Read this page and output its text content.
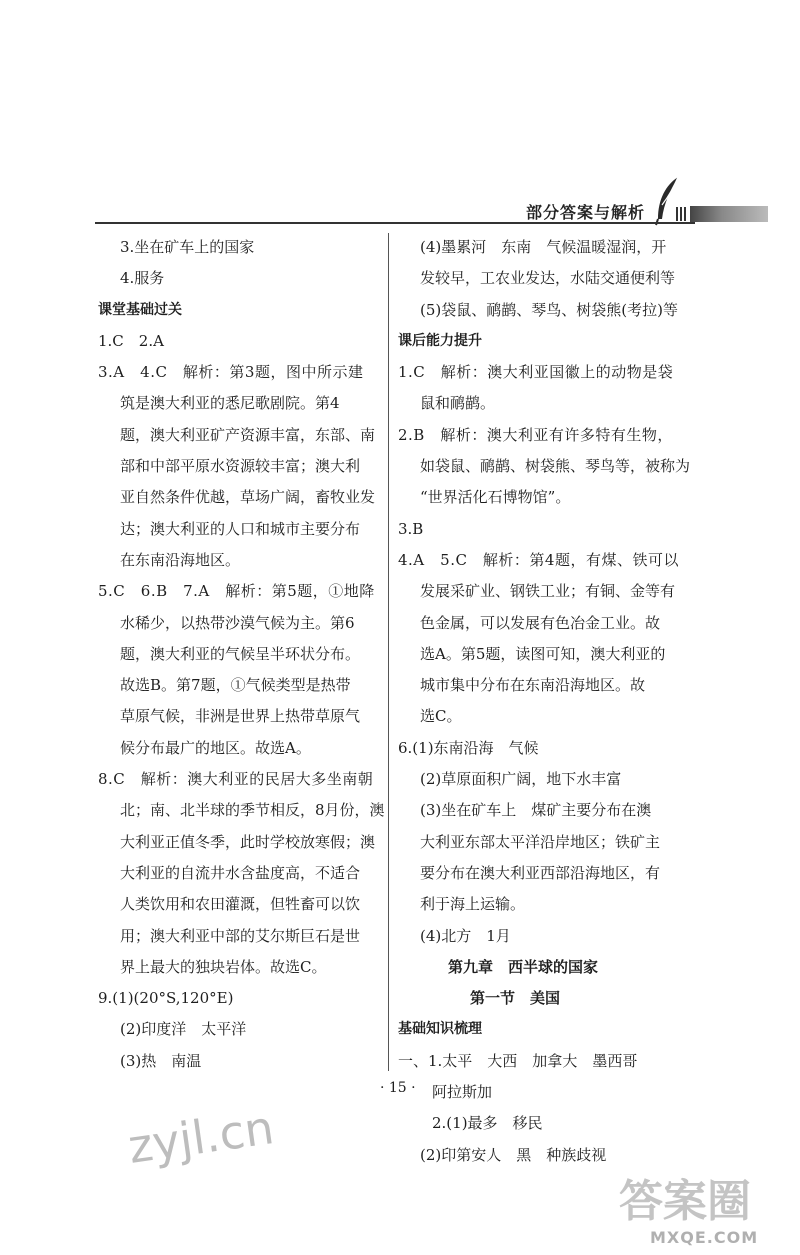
部分答案与解析
3.坐在矿车上的国家
4.服务
课堂基础过关
1.C　2.A
3.A　4.C　解析：第3题，图中所示建
筑是澳大利亚的悉尼歌剧院。第4
题，澳大利亚矿产资源丰富，东部、南
部和中部平原水资源较丰富；澳大利
亚自然条件优越，草场广阔，畜牧业发
达；澳大利亚的人口和城市主要分布
在东南沿海地区。
5.C　6.B　7.A　解析：第5题，①地降
水稀少，以热带沙漠气候为主。第6
题，澳大利亚的气候呈半环状分布。
故选B。第7题，①气候类型是热带
草原气候，非洲是世界上热带草原气
候分布最广的地区。故选A。
8.C　解析：澳大利亚的民居大多坐南朝
北；南、北半球的季节相反，8月份，澳
大利亚正值冬季，此时学校放寒假；澳
大利亚的自流井水含盐度高，不适合
人类饮用和农田灌溉，但牲畜可以饮
用；澳大利亚中部的艾尔斯巨石是世
界上最大的独块岩体。故选C。
9.(1)(20°S,120°E)
(2)印度洋　太平洋
(3)热　南温
(4)墨累河　东南　气候温暖湿润，开
发较早，工农业发达，水陆交通便利等
(5)袋鼠、鸸鹋、琴鸟、树袋熊(考拉)等
课后能力提升
1.C　解析：澳大利亚国徽上的动物是袋
鼠和鸸鹋。
2.B　解析：澳大利亚有许多特有生物，
如袋鼠、鸸鹋、树袋熊、琴鸟等，被称为
“世界活化石博物馆”。
3.B
4.A　5.C　解析：第4题，有煤、铁可以
发展采矿业、钢铁工业；有铜、金等有
色金属，可以发展有色冶金工业。故
选A。第5题，读图可知，澳大利亚的
城市集中分布在东南沿海地区。故
选C。
6.(1)东南沿海　气候
(2)草原面积广阔，地下水丰富
(3)坐在矿车上　煤矿主要分布在澳
大利亚东部太平洋沿岸地区；铁矿主
要分布在澳大利亚西部沿海地区，有
利于海上运输。
(4)北方　1月
第九章　西半球的国家
第一节　美国
基础知识梳理
一、1.太平　大西　加拿大　墨西哥
阿拉斯加
2.(1)最多　移民
(2)印第安人　黑　种族歧视
· 15 ·
zyjl.cn
答案圈
MXQE.COM
